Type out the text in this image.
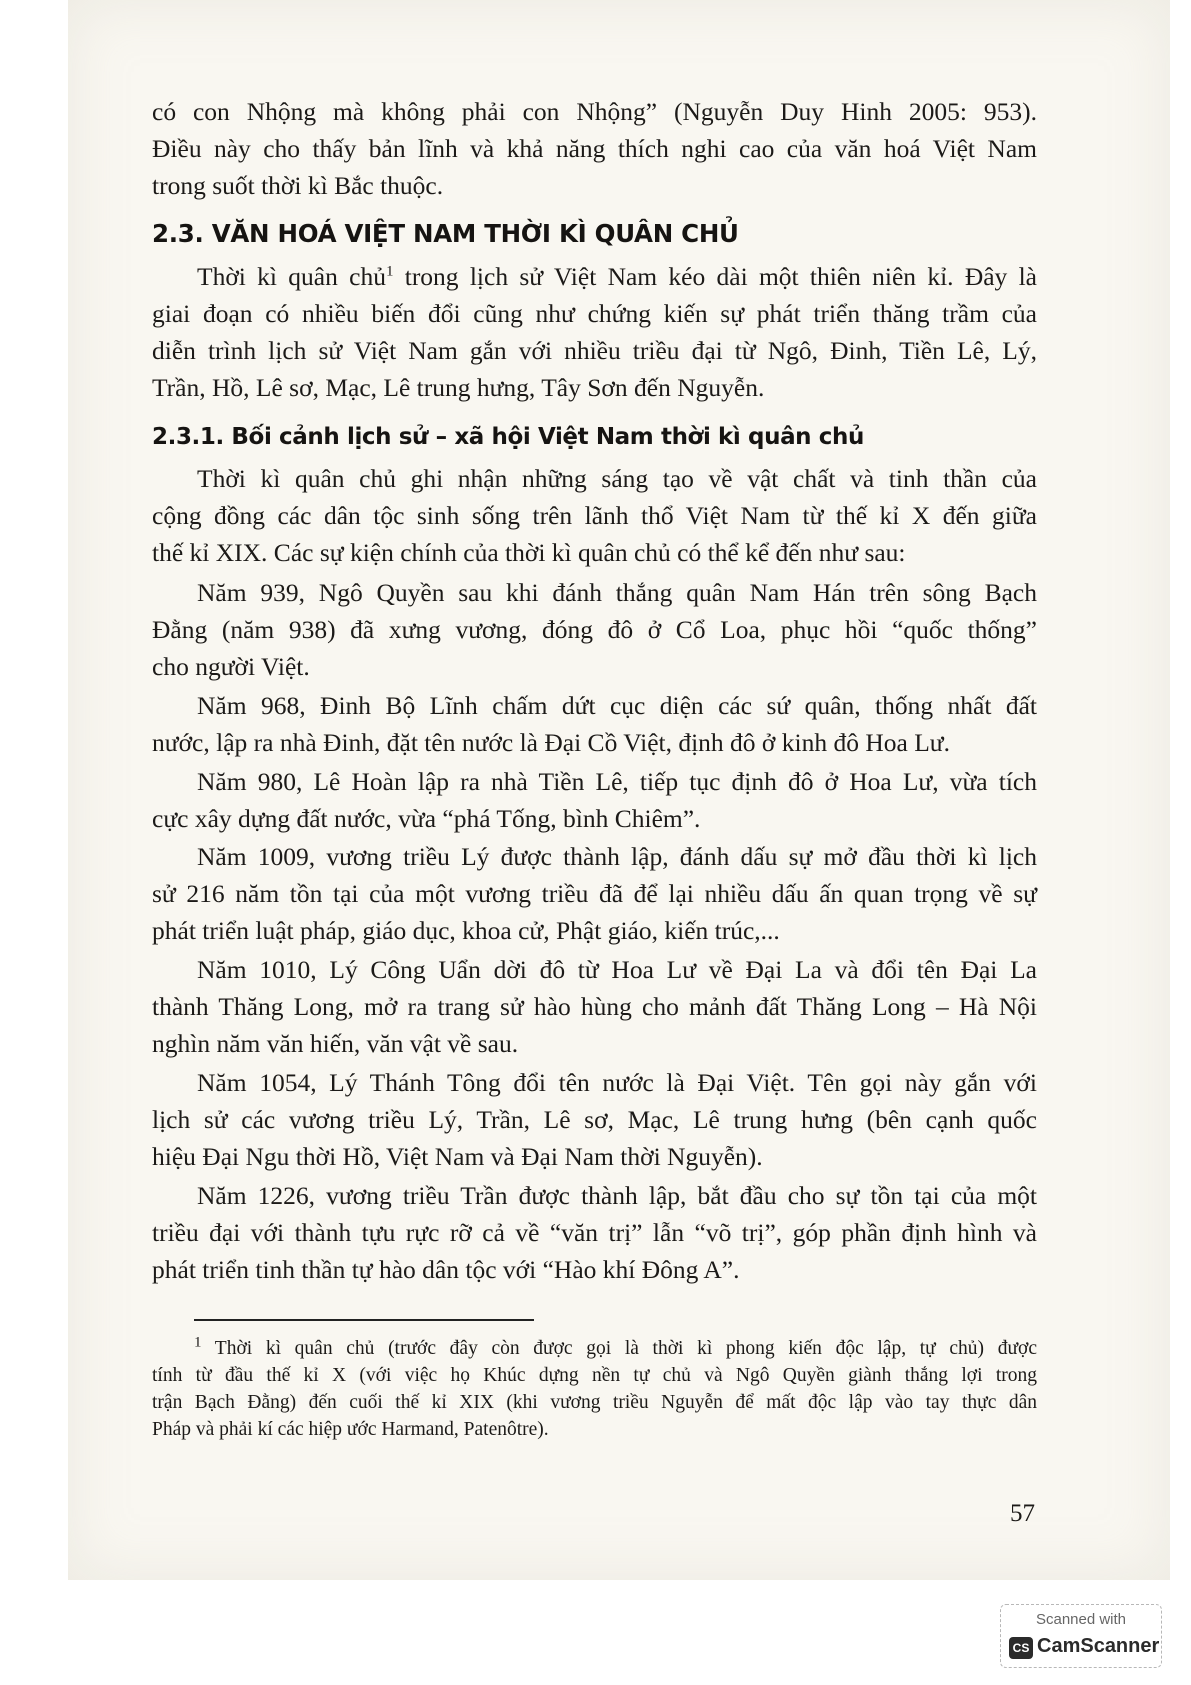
có con Nhộng mà không phải con Nhộng” (Nguyễn Duy Hinh 2005: 953).

Điều này cho thấy bản lĩnh và khả năng thích nghi cao của văn hoá Việt Nam

trong suốt thời kì Bắc thuộc.

2.3. VĂN HOÁ VIỆT NAM THỜI KÌ QUÂN CHỦ

Thời kì quân chủ$^1$ trong lịch sử Việt Nam kéo dài một thiên niên kỉ. Đây là

giai đoạn có nhiều biến đổi cũng như chứng kiến sự phát triển thăng trầm của

diễn trình lịch sử Việt Nam gắn với nhiều triều đại từ Ngô, Đinh, Tiền Lê, Lý,

Trần, Hồ, Lê sơ, Mạc, Lê trung hưng, Tây Sơn đến Nguyễn.

2.3.1. Bối cảnh lịch sử – xã hội Việt Nam thời kì quân chủ

Thời kì quân chủ ghi nhận những sáng tạo về vật chất và tinh thần của

cộng đồng các dân tộc sinh sống trên lãnh thổ Việt Nam từ thế kỉ X đến giữa

thế kỉ XIX. Các sự kiện chính của thời kì quân chủ có thể kể đến như sau:

Năm 939, Ngô Quyền sau khi đánh thắng quân Nam Hán trên sông Bạch

Đằng (năm 938) đã xưng vương, đóng đô ở Cổ Loa, phục hồi “quốc thống”

cho người Việt.

Năm 968, Đinh Bộ Lĩnh chấm dứt cục diện các sứ quân, thống nhất đất

nước, lập ra nhà Đinh, đặt tên nước là Đại Cồ Việt, định đô ở kinh đô Hoa Lư.

Năm 980, Lê Hoàn lập ra nhà Tiền Lê, tiếp tục định đô ở Hoa Lư, vừa tích

cực xây dựng đất nước, vừa “phá Tống, bình Chiêm”.

Năm 1009, vương triều Lý được thành lập, đánh dấu sự mở đầu thời kì lịch

sử 216 năm tồn tại của một vương triều đã để lại nhiều dấu ấn quan trọng về sự

phát triển luật pháp, giáo dục, khoa cử, Phật giáo, kiến trúc,...

Năm 1010, Lý Công Uẩn dời đô từ Hoa Lư về Đại La và đổi tên Đại La

thành Thăng Long, mở ra trang sử hào hùng cho mảnh đất Thăng Long – Hà Nội

nghìn năm văn hiến, văn vật về sau.

Năm 1054, Lý Thánh Tông đổi tên nước là Đại Việt. Tên gọi này gắn với

lịch sử các vương triều Lý, Trần, Lê sơ, Mạc, Lê trung hưng (bên cạnh quốc

hiệu Đại Ngu thời Hồ, Việt Nam và Đại Nam thời Nguyễn).

Năm 1226, vương triều Trần được thành lập, bắt đầu cho sự tồn tại của một

triều đại với thành tựu rực rỡ cả về “văn trị” lẫn “võ trị”, góp phần định hình và

phát triển tinh thần tự hào dân tộc với “Hào khí Đông A”.

$^1$ Thời kì quân chủ (trước đây còn được gọi là thời kì phong kiến độc lập, tự chủ) được

tính từ đầu thế kỉ X (với việc họ Khúc dựng nền tự chủ và Ngô Quyền giành thắng lợi trong

trận Bạch Đằng) đến cuối thế kỉ XIX (khi vương triều Nguyễn để mất độc lập vào tay thực dân

Pháp và phải kí các hiệp ước Harmand, Patenôtre).

57
Scanned with
CS CamScanner
